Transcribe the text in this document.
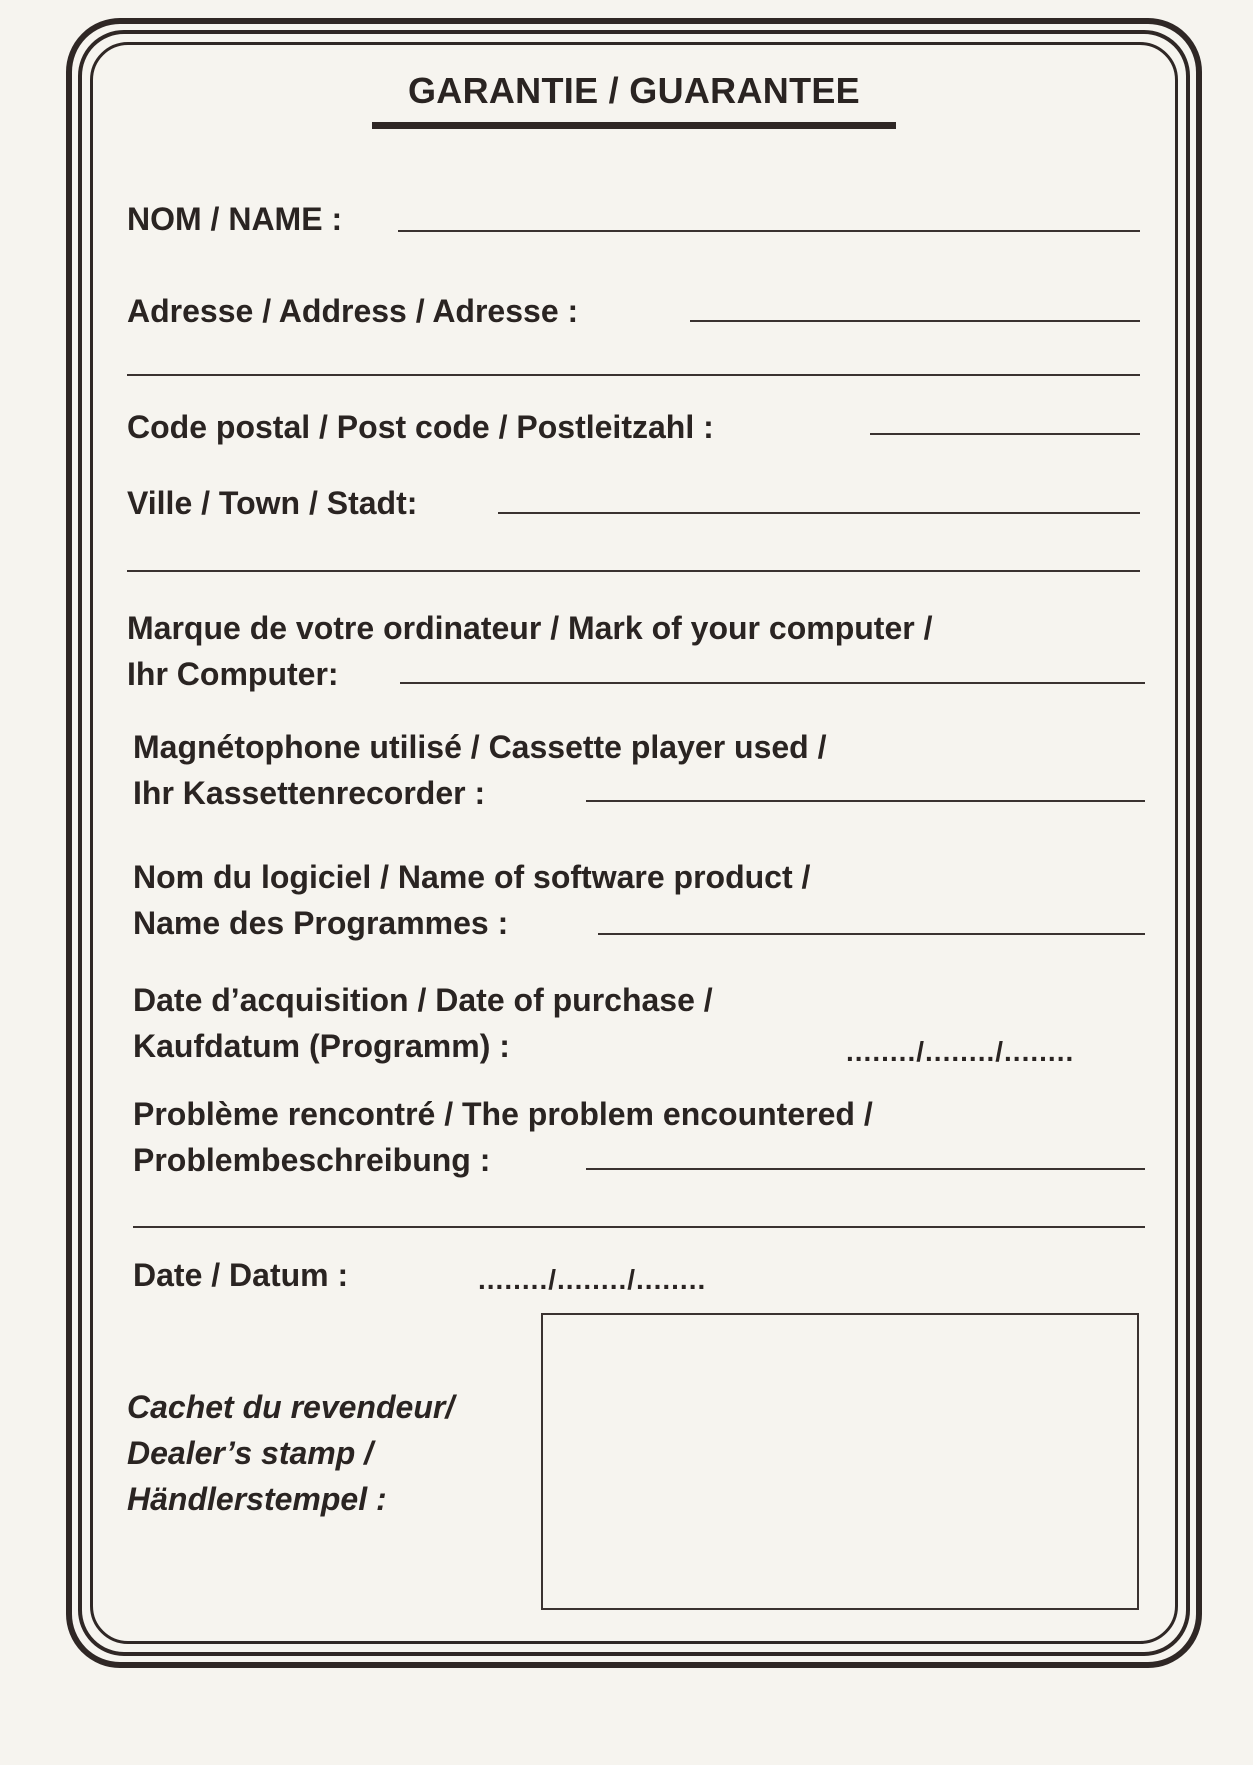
GARANTIE / GUARANTEE
NOM / NAME :
Adresse / Address / Adresse :
Code postal / Post code / Postleitzahl :
Ville / Town / Stadt:
Marque de votre ordinateur / Mark of your computer /
Ihr Computer:
Magnétophone utilisé / Cassette player used /
Ihr Kassettenrecorder :
Nom du logiciel / Name of software product /
Name des Programmes :
Date d’acquisition / Date of purchase /
Kaufdatum (Programm) :	......../......../........
Problème rencontré / The problem encountered /
Problembeschreibung :
Date / Datum :	......../......../........
Cachet du revendeur/
Dealer’s stamp /
Händlerstempel :
